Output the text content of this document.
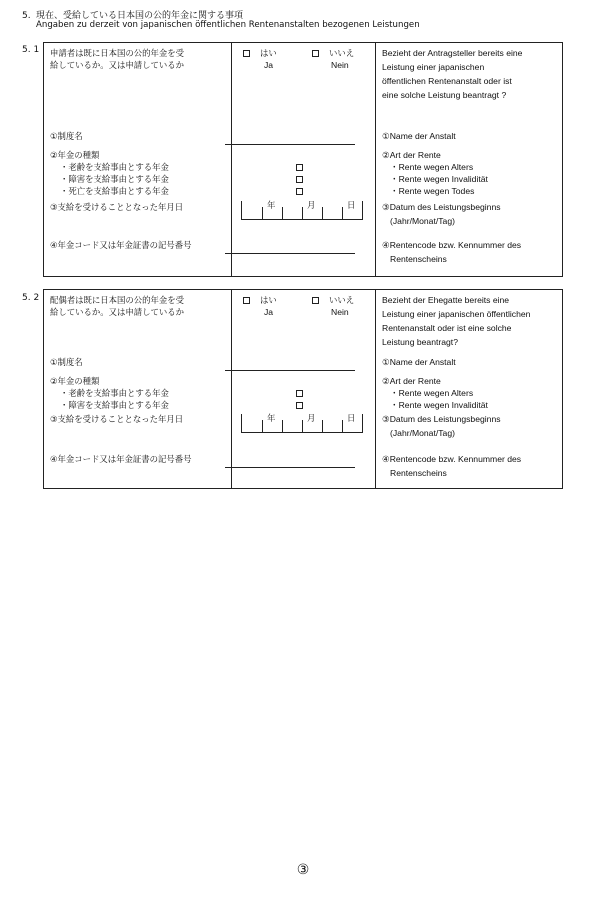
5. 現在、受給している日本国の公的年金に関する事項
Angaben zu derzeit von japanischen öffentlichen Rentenanstalten bezogenen Leistungen
5. 1 申請者は既に日本国の公的年金を受
給しているか。又は申請しているか
はい
Ja
いいえ
Nein
Bezieht der Antragsteller bereits eine
Leistung einer japanischen
öffentlichen Rentenanstalt oder ist
eine solche Leistung beantragt ?
①制度名	①Name der Anstalt
②年金の種類	②Art der Rente
・老齢を支給事由とする年金	・Rente wegen Alters
・障害を支給事由とする年金	・Rente wegen Invalidität
・死亡を支給事由とする年金	・Rente wegen Todes
③支給を受けることとなった年月日	年	月	日	③Datum des Leistungsbeginns
(Jahr/Monat/Tag)
④年金コード又は年金証書の記号番号	④Rentencode bzw. Kennummer des
Rentenscheins
5. 2 配偶者は既に日本国の公的年金を受
給しているか。又は申請しているか
はい
Ja
いいえ
Nein
Bezieht der Ehegatte bereits eine
Leistung einer japanischen öffentlichen
Rentenanstalt oder ist eine solche
Leistung beantragt?
①制度名	①Name der Anstalt
②年金の種類	②Art der Rente
・老齢を支給事由とする年金	・Rente wegen Alters
・障害を支給事由とする年金	・Rente wegen Invalidität
③支給を受けることとなった年月日	年	月	日	③Datum des Leistungsbeginns
(Jahr/Monat/Tag)
④年金コード又は年金証書の記号番号	④Rentencode bzw. Kennummer des
Rentenscheins
③
